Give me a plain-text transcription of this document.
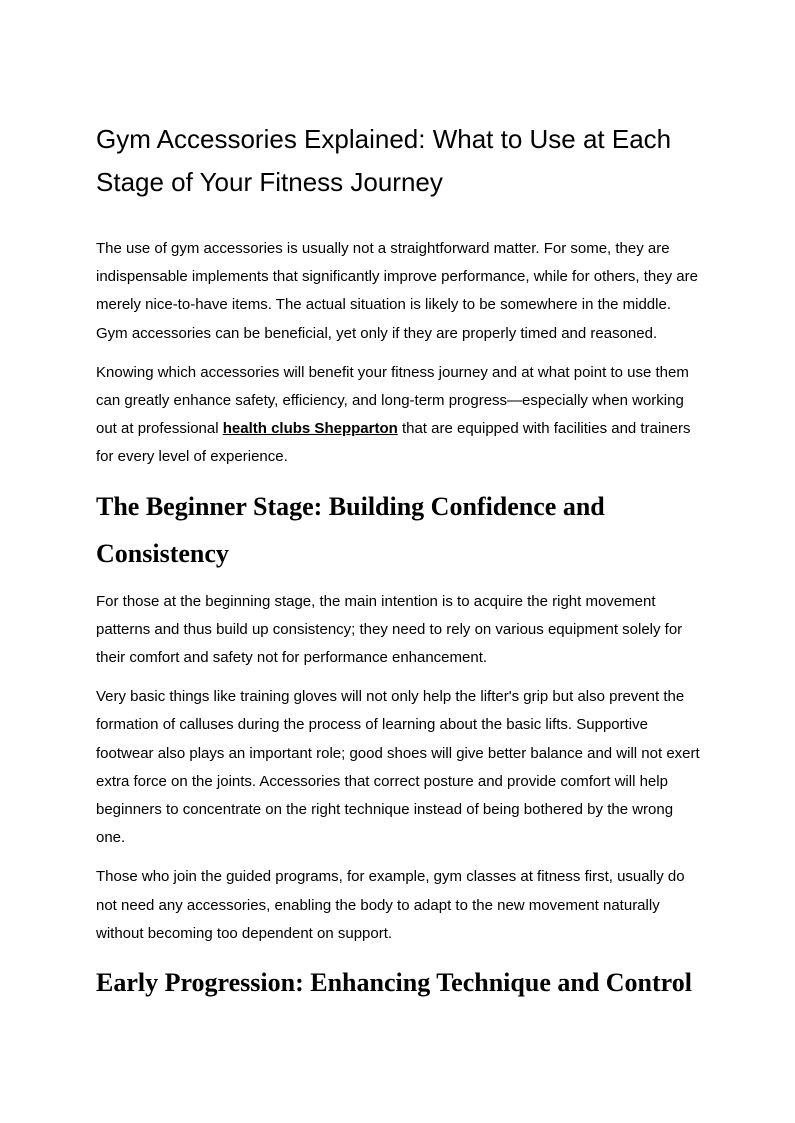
Gym Accessories Explained: What to Use at Each Stage of Your Fitness Journey

The use of gym accessories is usually not a straightforward matter. For some, they are indispensable implements that significantly improve performance, while for others, they are merely nice-to-have items. The actual situation is likely to be somewhere in the middle. Gym accessories can be beneficial, yet only if they are properly timed and reasoned.

Knowing which accessories will benefit your fitness journey and at what point to use them can greatly enhance safety, efficiency, and long-term progress—especially when working out at professional health clubs Shepparton that are equipped with facilities and trainers for every level of experience.

The Beginner Stage: Building Confidence and Consistency

For those at the beginning stage, the main intention is to acquire the right movement patterns and thus build up consistency; they need to rely on various equipment solely for their comfort and safety not for performance enhancement.

Very basic things like training gloves will not only help the lifter's grip but also prevent the formation of calluses during the process of learning about the basic lifts. Supportive footwear also plays an important role; good shoes will give better balance and will not exert extra force on the joints. Accessories that correct posture and provide comfort will help beginners to concentrate on the right technique instead of being bothered by the wrong one.

Those who join the guided programs, for example, gym classes at fitness first, usually do not need any accessories, enabling the body to adapt to the new movement naturally without becoming too dependent on support.

Early Progression: Enhancing Technique and Control
